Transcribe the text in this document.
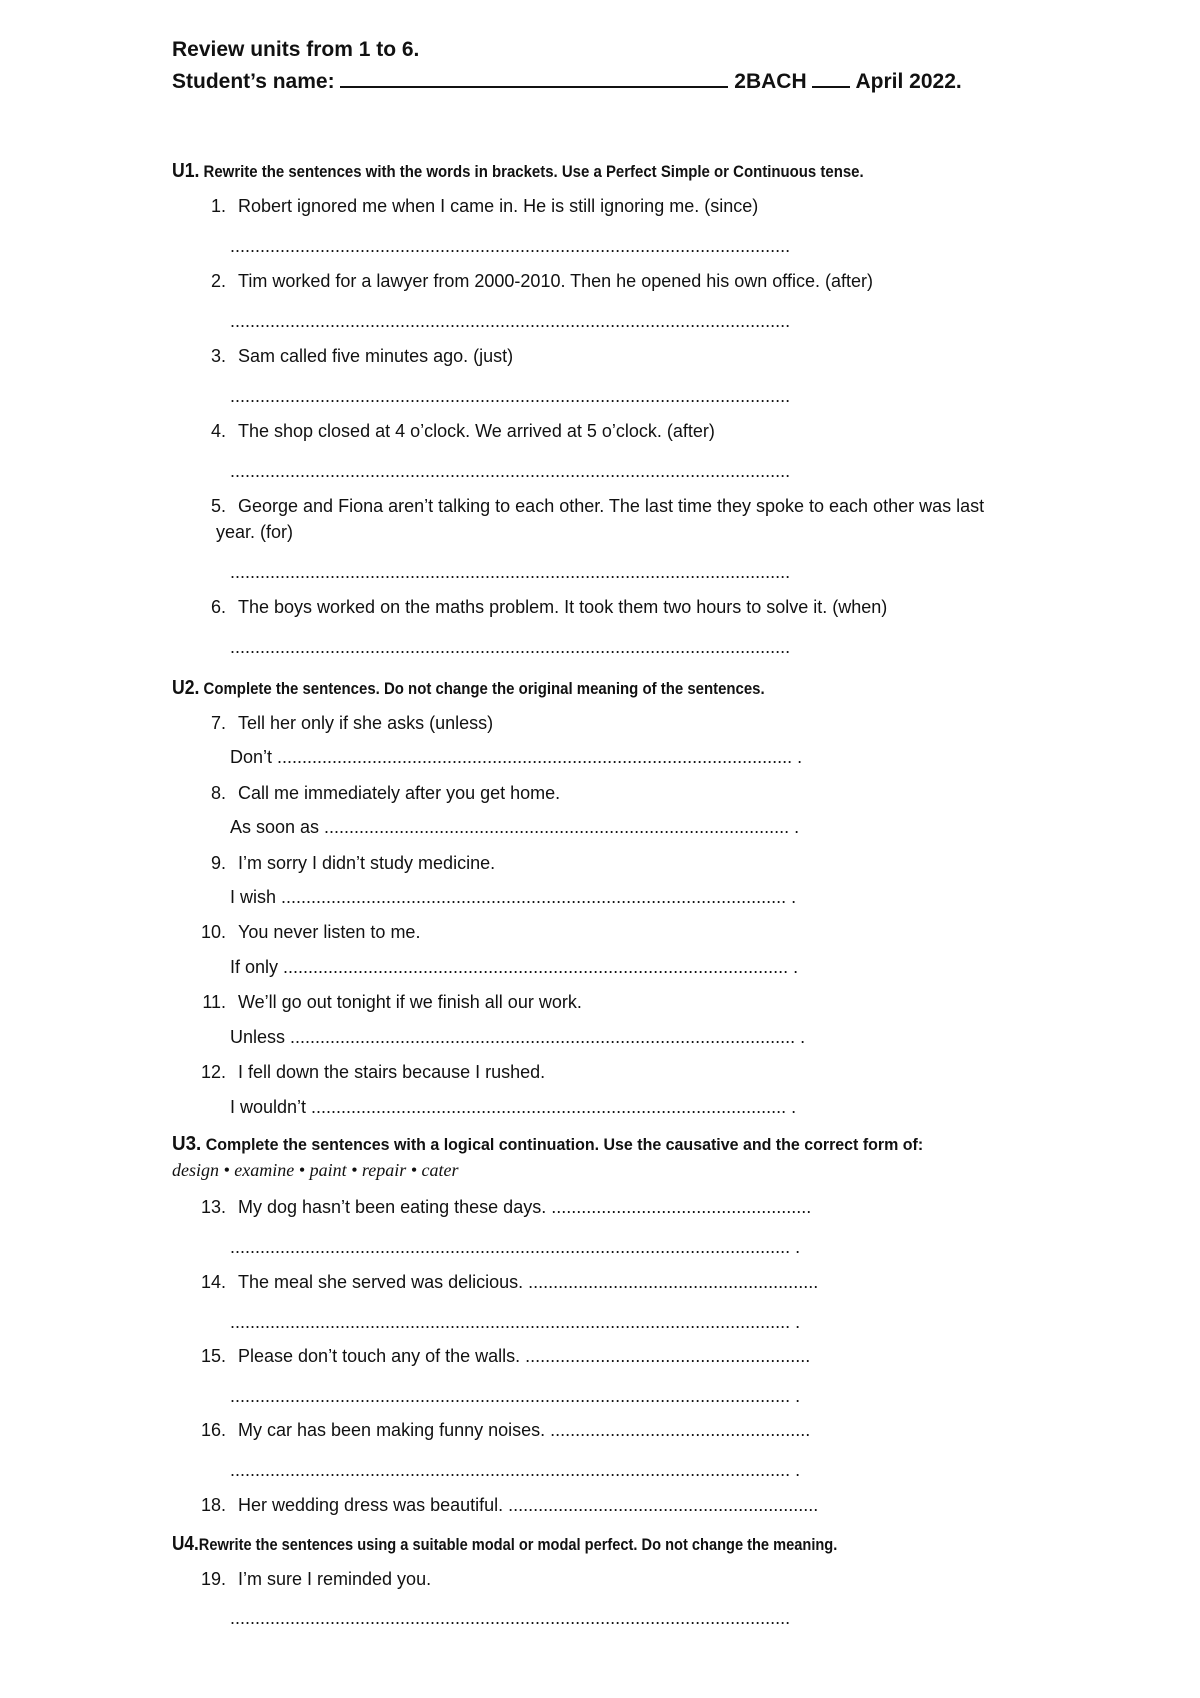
Review units from 1 to 6.
Student’s name:	2BACH April 2022.
U1. Rewrite the sentences with the words in brackets. Use a Perfect Simple or Continuous tense.
1. Robert ignored me when I came in. He is still ignoring me. (since)
................................................................................................................
2. Tim worked for a lawyer from 2000-2010. Then he opened his own office. (after)
................................................................................................................
3. Sam called five minutes ago. (just)
................................................................................................................
4. The shop closed at 4 o’clock. We arrived at 5 o’clock. (after)
................................................................................................................
5. George and Fiona aren’t talking to each other. The last time they spoke to each other was last
year. (for)
................................................................................................................
6. The boys worked on the maths problem. It took them two hours to solve it. (when)
................................................................................................................
U2. Complete the sentences. Do not change the original meaning of the sentences.
7. Tell her only if she asks (unless)
Don’t ....................................................................................................... .
8. Call me immediately after you get home.
As soon as ............................................................................................. .
9. I’m sorry I didn’t study medicine.
I wish ..................................................................................................... .
10. You never listen to me.
If only ..................................................................................................... .
11. We’ll go out tonight if we finish all our work.
Unless ..................................................................................................... .
12. I fell down the stairs because I rushed.
I wouldn’t ............................................................................................... .
U3. Complete the sentences with a logical continuation. Use the causative and the correct form of:
design • examine • paint • repair • cater
13. My dog hasn’t been eating these days. ....................................................
................................................................................................................ .
14. The meal she served was delicious. ..........................................................
................................................................................................................ .
15. Please don’t touch any of the walls. .........................................................
................................................................................................................ .
16. My car has been making funny noises. ....................................................
................................................................................................................ .
18. Her wedding dress was beautiful. ..............................................................
U4.Rewrite the sentences using a suitable modal or modal perfect. Do not change the meaning.
19. I’m sure I reminded you.
................................................................................................................
